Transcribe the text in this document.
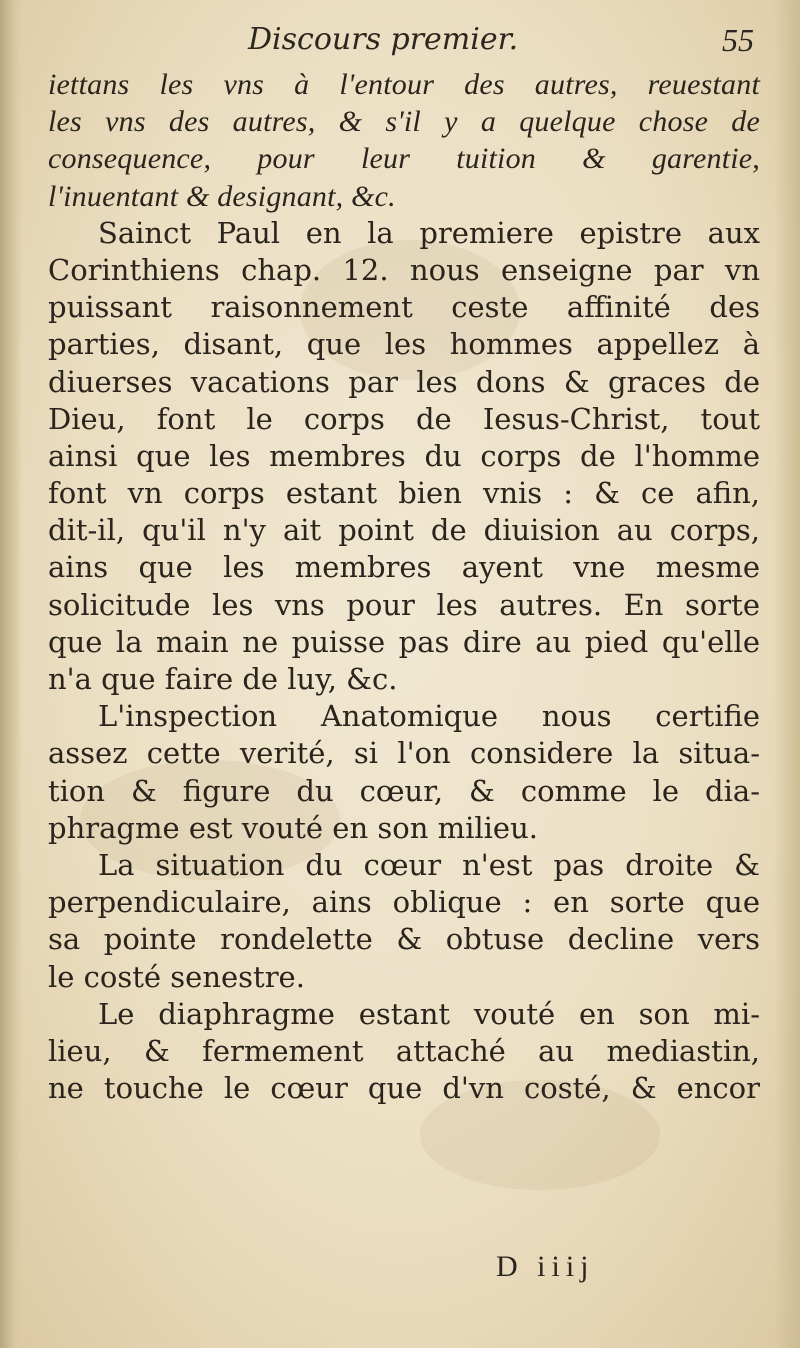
Discours premier.	55
iettans les vns à l'entour des autres, reuestant
les vns des autres, & s'il y a quelque chose de
consequence, pour leur tuition & garentie,
l'inuentant & designant, &c.
Sainct Paul en la premiere epistre aux
Corinthiens chap. 12. nous enseigne par vn
puissant raisonnement ceste affinité des
parties, disant, que les hommes appellez à
diuerses vacations par les dons & graces de
Dieu, font le corps de Iesus-Christ, tout
ainsi que les membres du corps de l'homme
font vn corps estant bien vnis : & ce afin,
dit-il, qu'il n'y ait point de diuision au corps,
ains que les membres ayent vne mesme
solicitude les vns pour les autres. En sorte
que la main ne puisse pas dire au pied qu'elle
n'a que faire de luy, &c.
L'inspection Anatomique nous certifie
assez cette verité, si l'on considere la situa-
tion & figure du cœur, & comme le dia-
phragme est vouté en son milieu.
La situation du cœur n'est pas droite &
perpendiculaire, ains oblique : en sorte que
sa pointe rondelette & obtuse decline vers
le costé senestre.
Le diaphragme estant vouté en son mi-
lieu, & fermement attaché au mediastin,
ne touche le cœur que d'vn costé, & encor
D iiij
